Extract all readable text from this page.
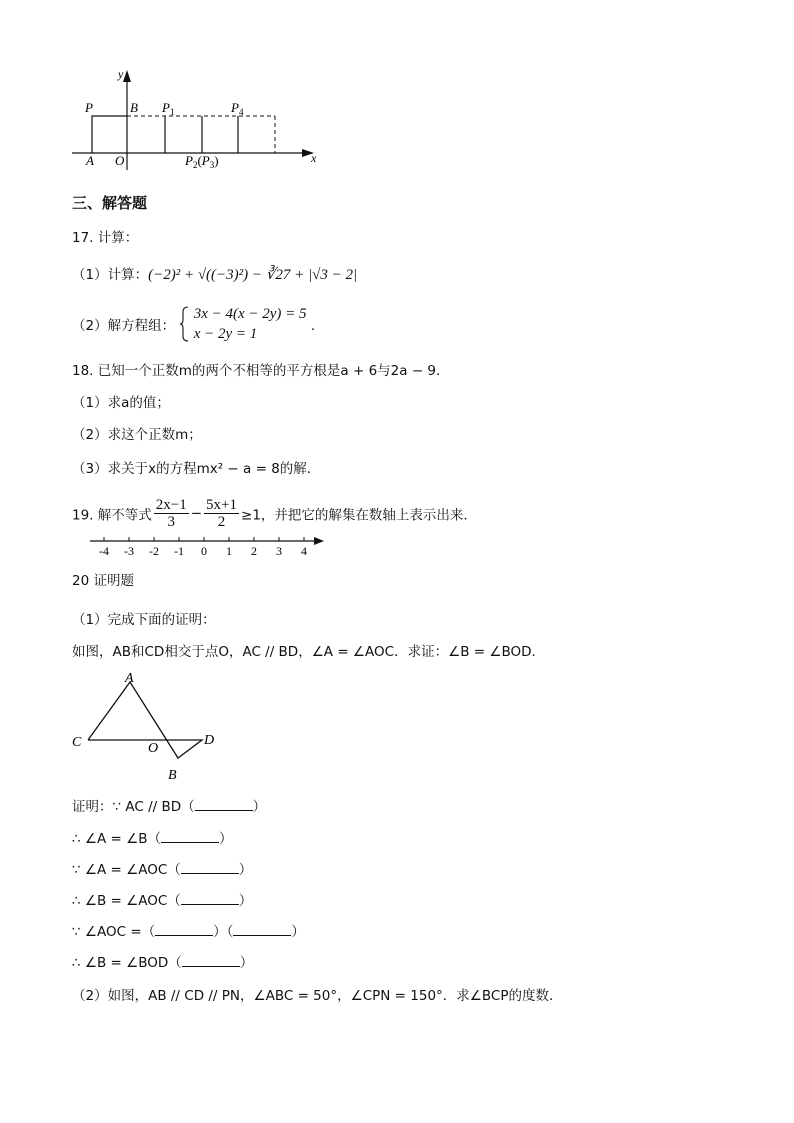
y
x
P	B
A O
$P_1$	$P_4$
$P_2(P_3)$
三、解答题
17. 计算：
（1）计算：(−2)² + √((−3)²) − ∛27 + |√3 − 2|
（2）解方程组：  3x − 4(x − 2y) = 5
x − 2y = 1	．
18. 已知一个正数m的两个不相等的平方根是a + 6与2a − 9．
（1）求a的值；
（2）求这个正数m；
（3）求关于x的方程mx² − a = 8的解．
19. 解不等式 $\frac{2x-1}{3} - \frac{5x+1}{2} \ge 1$，并把它的解集在数轴上表示出来．
-4 -3 -2 -1 0 1 2 3 4
20 证明题
（1）完成下面的证明：
如图，AB和CD相交于点O，AC // BD，∠A = ∠AOC．求证：∠B = ∠BOD．
A
C	O
D
B
证明：∵ AC // BD（	）
∴ ∠A = ∠B（	）
∵ ∠A = ∠AOC（	）
∴ ∠B = ∠AOC（	）
∵ ∠AOC =（	）（	）
∴ ∠B = ∠BOD（	）
（2）如图，AB // CD // PN，∠ABC = 50°，∠CPN = 150°．求∠BCP的度数．
